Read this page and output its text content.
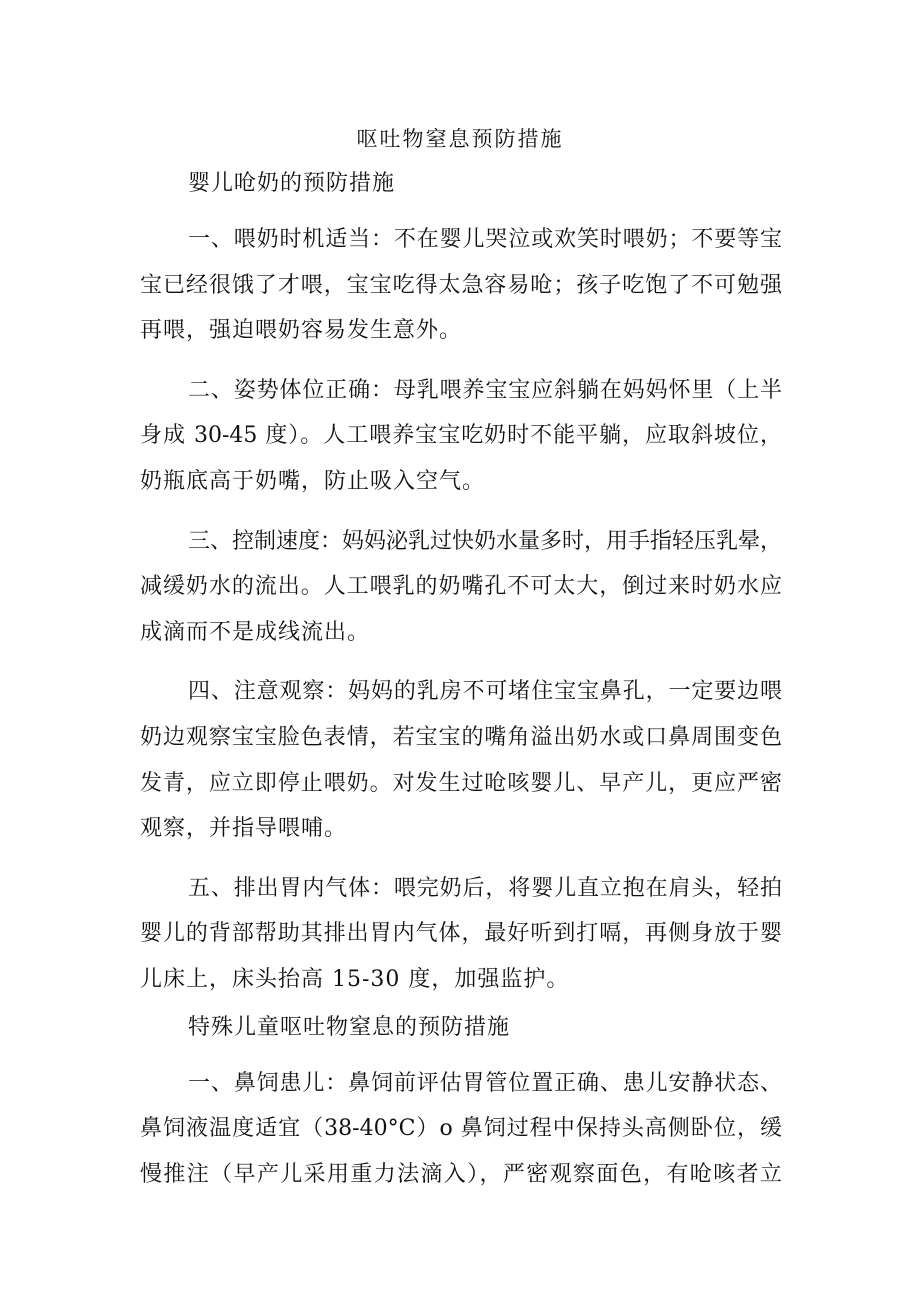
呕吐物窒息预防措施
婴儿呛奶的预防措施
一、喂奶时机适当：不在婴儿哭泣或欢笑时喂奶；不要等宝
宝已经很饿了才喂，宝宝吃得太急容易呛；孩子吃饱了不可勉强
再喂，强迫喂奶容易发生意外。
二、姿势体位正确：母乳喂养宝宝应斜躺在妈妈怀里（上半
身成 30-45 度）。人工喂养宝宝吃奶时不能平躺，应取斜坡位，
奶瓶底高于奶嘴，防止吸入空气。
三、控制速度：妈妈泌乳过快奶水量多时，用手指轻压乳晕，
减缓奶水的流出。人工喂乳的奶嘴孔不可太大，倒过来时奶水应
成滴而不是成线流出。
四、注意观察：妈妈的乳房不可堵住宝宝鼻孔，一定要边喂
奶边观察宝宝脸色表情，若宝宝的嘴角溢出奶水或口鼻周围变色
发青，应立即停止喂奶。对发生过呛咳婴儿、早产儿，更应严密
观察，并指导喂哺。
五、排出胃内气体：喂完奶后，将婴儿直立抱在肩头，轻拍
婴儿的背部帮助其排出胃内气体，最好听到打嗝，再侧身放于婴
儿床上，床头抬高 15-30 度，加强监护。
特殊儿童呕吐物窒息的预防措施
一、鼻饲患儿：鼻饲前评估胃管位置正确、患儿安静状态、
鼻饲液温度适宜（38-40°C）o 鼻饲过程中保持头高侧卧位，缓
慢推注（早产儿采用重力法滴入），严密观察面色，有呛咳者立
